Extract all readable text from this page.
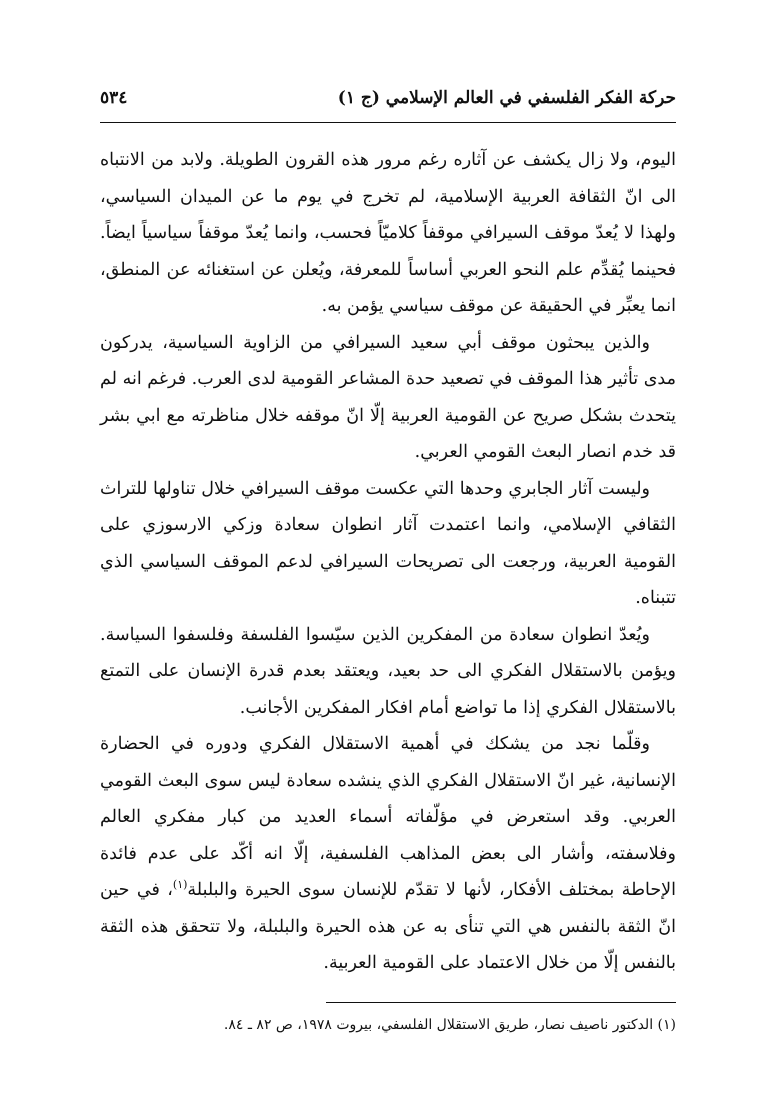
حركة الفكر الفلسفي في العالم الإسلامي (ج ١)
٥٣٤

اليوم، ولا زال يكشف عن آثاره رغم مرور هذه القرون الطويلة. ولابد من الانتباه الى انّ الثقافة العربية الإسلامية، لم تخرج في يوم ما عن الميدان السياسي، ولهذا لا يُعدّ موقف السيرافي موقفاً كلاميّاً فحسب، وانما يُعدّ موقفاً سياسياً ايضاً. فحينما يُقدِّم علم النحو العربي أساساً للمعرفة، ويُعلن عن استغنائه عن المنطق، انما يعبِّر في الحقيقة عن موقف سياسي يؤمن به.

والذين يبحثون موقف أبي سعيد السيرافي من الزاوية السياسية، يدركون مدى تأثير هذا الموقف في تصعيد حدة المشاعر القومية لدى العرب. فرغم انه لم يتحدث بشكل صريح عن القومية العربية إلّا انّ موقفه خلال مناظرته مع ابي بشر قد خدم انصار البعث القومي العربي.

وليست آثار الجابري وحدها التي عكست موقف السيرافي خلال تناولها للتراث الثقافي الإسلامي، وانما اعتمدت آثار انطوان سعادة وزكي الارسوزي على القومية العربية، ورجعت الى تصريحات السيرافي لدعم الموقف السياسي الذي تتبناه.

ويُعدّ انطوان سعادة من المفكرين الذين سيّسوا الفلسفة وفلسفوا السياسة. ويؤمن بالاستقلال الفكري الى حد بعيد، ويعتقد بعدم قدرة الإنسان على التمتع بالاستقلال الفكري إذا ما تواضع أمام افكار المفكرين الأجانب.

وقلّما نجد من يشكك في أهمية الاستقلال الفكري ودوره في الحضارة الإنسانية، غير انّ الاستقلال الفكري الذي ينشده سعادة ليس سوى البعث القومي العربي. وقد استعرض في مؤلّفاته أسماء العديد من كبار مفكري العالم وفلاسفته، وأشار الى بعض المذاهب الفلسفية، إلّا انه أكّد على عدم فائدة الإحاطة بمختلف الأفكار، لأنها لا تقدّم للإنسان سوى الحيرة والبلبلة$^{(١)}$، في حين انّ الثقة بالنفس هي التي تنأى به عن هذه الحيرة والبلبلة، ولا تتحقق هذه الثقة بالنفس إلّا من خلال الاعتماد على القومية العربية.

(١) الدكتور ناصيف نصار، طريق الاستقلال الفلسفي، بيروت ١٩٧٨، ص ٨٢ ـ ٨٤.
